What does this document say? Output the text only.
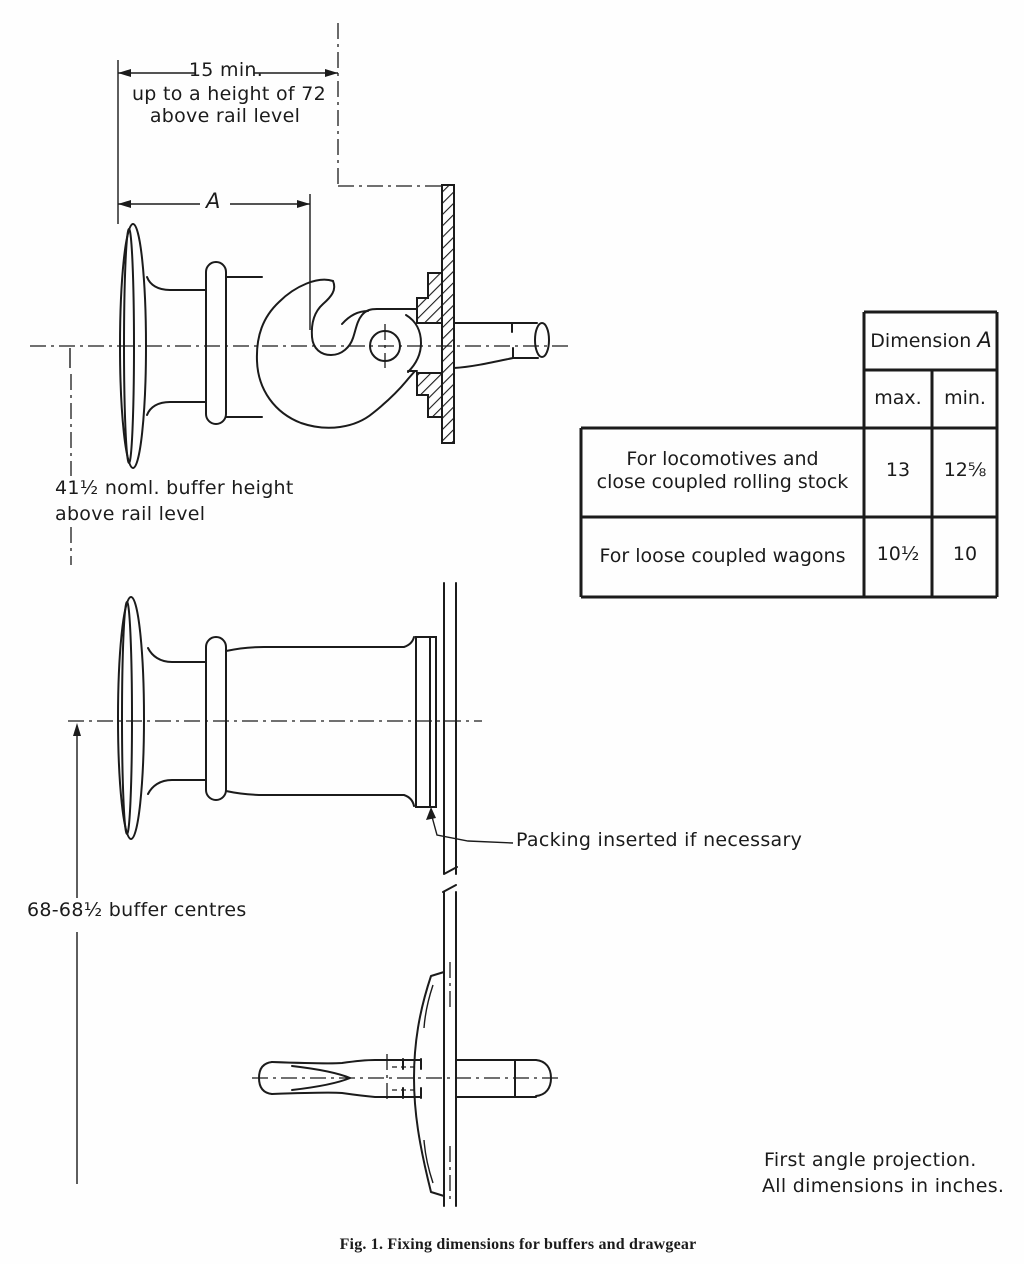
15 min.
up to a height of 72
above rail level
A
41½ noml. buffer height
above rail level
Packing inserted if necessary
68-68½ buffer centres
First angle projection.
All dimensions in inches.
Fig. 1. Fixing dimensions for buffers and drawgear
Dimension A
max.	min.
For locomotives and
close coupled rolling stock
13	12⅝
For loose coupled wagons	10½	10
